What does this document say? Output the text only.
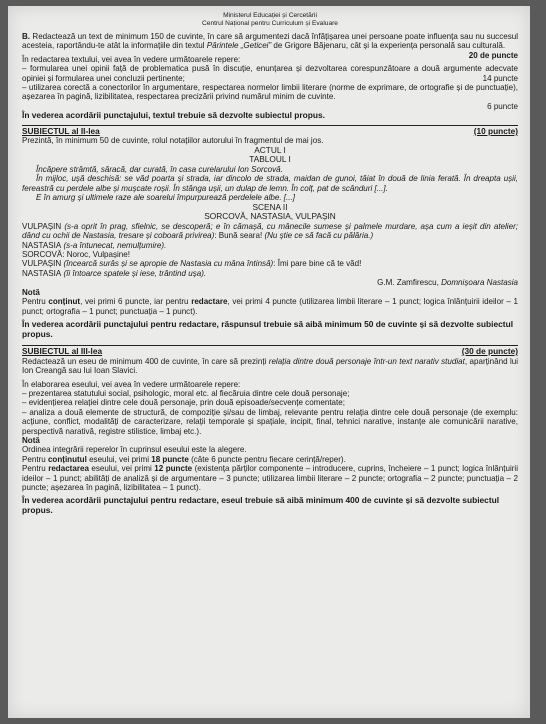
Ministerul Educației și Cercetării
Centrul Național pentru Curriculum și Evaluare

B. Redactează un text de minimum 150 de cuvinte, în care să argumentezi dacă înfățișarea unei persoane poate influența sau nu succesul acesteia, raportându-te atât la informațiile din textul Părintele „Geticei” de Grigore Băjenaru, cât și la experiența personală sau culturală.
20 de puncte

În redactarea textului, vei avea în vedere următoarele repere:

– formularea unei opinii față de problematica pusă în discuție, enunțarea și dezvoltarea corespunzătoare a două argumente adecvate opiniei și formularea unei concluzii pertinente;	14 puncte

– utilizarea corectă a conectorilor în argumentare, respectarea normelor limbii literare (norme de exprimare, de ortografie și de punctuație), așezarea în pagină, lizibilitatea, respectarea precizării privind numărul minim de cuvinte.

6 puncte

În vederea acordării punctajului, textul trebuie să dezvolte subiectul propus.

SUBIECTUL al II-lea	(10 puncte)

Prezintă, în minimum 50 de cuvinte, rolul notațiilor autorului în fragmentul de mai jos.

ACTUL I
TABLOUL I

Încăpere strâmtă, săracă, dar curată, în casa curelarului Ion Sorcovă.

În mijloc, ușă deschisă: se văd poarta și strada, iar dincolo de strada, maidan de gunoi, tăiat în două de linia ferată. În dreapta ușii, fereastră cu perdele albe și mușcate roșii. În stânga ușii, un dulap de lemn. În colț, pat de scânduri [...].

E în amurg și ultimele raze ale soarelui împurpurează perdelele albe. [...]

SCENA II
SORCOVĂ, NASTASIA, VULPAȘIN

VULPAȘIN (s-a oprit în prag, sfielnic, se descoperă; e în cămașă, cu mânecile sumese și palmele murdare, așa cum a ieșit din atelier; dând cu ochii de Nastasia, tresare și coboară privirea): Bună seara! (Nu știe ce să facă cu pălăria.)

NASTASIA (s-a întunecat, nemulțumire).

SORCOVĂ: Noroc, Vulpașine!

VULPAȘIN (încearcă surâs și se apropie de Nastasia cu mâna întinsă): Îmi pare bine că te văd!

NASTASIA (îi întoarce spatele și iese, trântind ușa).

G.M. Zamfirescu, Domnișoara Nastasia

Notă

Pentru conținut, vei primi 6 puncte, iar pentru redactare, vei primi 4 puncte (utilizarea limbii literare – 1 punct; logica înlănțuirii ideilor – 1 punct; ortografia – 1 punct; punctuația – 1 punct).

În vederea acordării punctajului pentru redactare, răspunsul trebuie să aibă minimum 50 de cuvinte și să dezvolte subiectul propus.

SUBIECTUL al III-lea	(30 de puncte)

Redactează un eseu de minimum 400 de cuvinte, în care să prezinți relația dintre două personaje într-un text narativ studiat, aparținând lui Ion Creangă sau lui Ioan Slavici.

În elaborarea eseului, vei avea în vedere următoarele repere:

– prezentarea statutului social, psihologic, moral etc. al fiecăruia dintre cele două personaje;

– evidențierea relației dintre cele două personaje, prin două episoade/secvențe comentate;

– analiza a două elemente de structură, de compoziție și/sau de limbaj, relevante pentru relația dintre cele două personaje (de exemplu: acțiune, conflict, modalități de caracterizare, relații temporale și spațiale, incipit, final, tehnici narative, instanțe ale comunicării narative, perspectivă narativă, registre stilistice, limbaj etc.).

Notă

Ordinea integrării reperelor în cuprinsul eseului este la alegere.

Pentru conținutul eseului, vei primi 18 puncte (câte 6 puncte pentru fiecare cerință/reper).

Pentru redactarea eseului, vei primi 12 puncte (existența părților componente – introducere, cuprins, încheiere – 1 punct; logica înlănțuirii ideilor – 1 punct; abilități de analiză și de argumentare – 3 puncte; utilizarea limbii literare – 2 puncte; ortografia – 2 puncte; punctuația – 2 puncte; așezarea în pagină, lizibilitatea – 1 punct).

În vederea acordării punctajului pentru redactare, eseul trebuie să aibă minimum 400 de cuvinte și să dezvolte subiectul propus.
